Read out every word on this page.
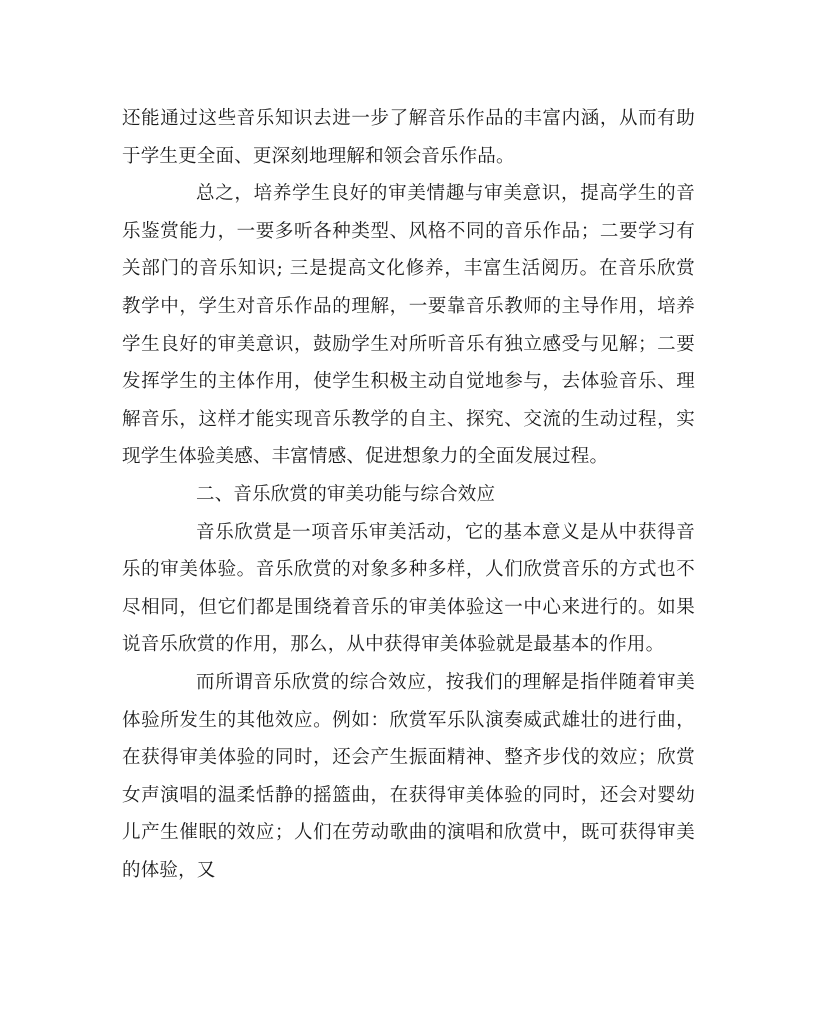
还能通过这些音乐知识去进一步了解音乐作品的丰富内涵，从而有助于学生更全面、更深刻地理解和领会音乐作品。

总之，培养学生良好的审美情趣与审美意识，提高学生的音乐鉴赏能力，一要多听各种类型、风格不同的音乐作品；二要学习有关部门的音乐知识; 三是提高文化修养，丰富生活阅历。在音乐欣赏教学中，学生对音乐作品的理解，一要靠音乐教师的主导作用，培养学生良好的审美意识，鼓励学生对所听音乐有独立感受与见解；二要发挥学生的主体作用，使学生积极主动自觉地参与，去体验音乐、理解音乐，这样才能实现音乐教学的自主、探究、交流的生动过程，实现学生体验美感、丰富情感、促进想象力的全面发展过程。

二、音乐欣赏的审美功能与综合效应

音乐欣赏是一项音乐审美活动，它的基本意义是从中获得音乐的审美体验。音乐欣赏的对象多种多样，人们欣赏音乐的方式也不尽相同，但它们都是围绕着音乐的审美体验这一中心来进行的。如果说音乐欣赏的作用，那么，从中获得审美体验就是最基本的作用。

而所谓音乐欣赏的综合效应，按我们的理解是指伴随着审美体验所发生的其他效应。例如：欣赏军乐队演奏威武雄壮的进行曲，在获得审美体验的同时，还会产生振面精神、整齐步伐的效应；欣赏女声演唱的温柔恬静的摇篮曲，在获得审美体验的同时，还会对婴幼儿产生催眠的效应；人们在劳动歌曲的演唱和欣赏中，既可获得审美的体验，又
